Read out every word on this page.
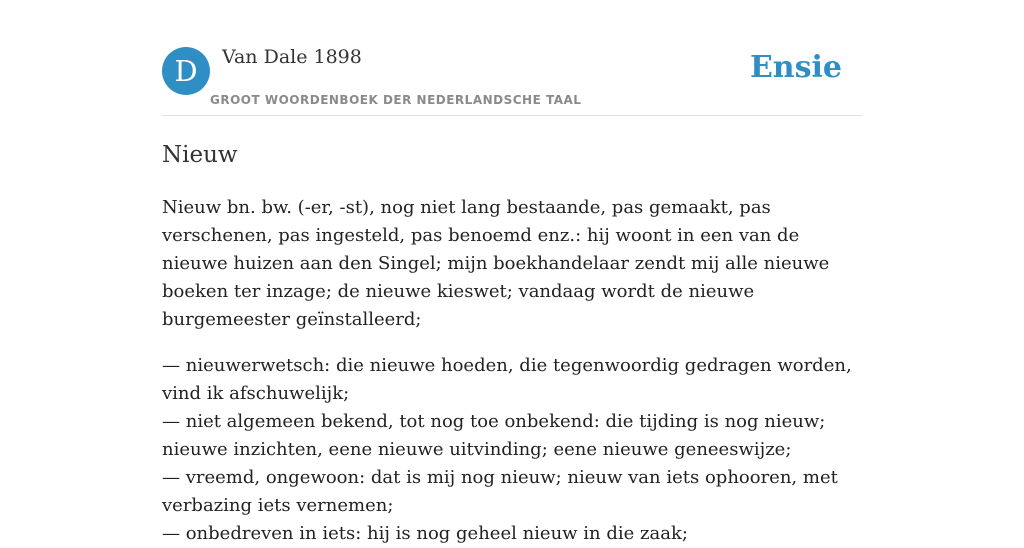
D	Van Dale 1898
GROOT WOORDENBOEK DER NEDERLANDSCHE TAAL
Ensie
Nieuw

Nieuw bn. bw. (-er, -st), nog niet lang bestaande, pas gemaakt, pas verschenen, pas ingesteld, pas benoemd enz.: hij woont in een van de nieuwe huizen aan den Singel; mijn boekhandelaar zendt mij alle nieuwe boeken ter inzage; de nieuwe kieswet; vandaag wordt de nieuwe burgemeester geïnstalleerd;

— nieuwerwetsch: die nieuwe hoeden, die tegenwoordig gedragen worden, vind ik afschuwelijk;
— niet algemeen bekend, tot nog toe onbekend: die tijding is nog nieuw; nieuwe inzichten, eene nieuwe uitvinding; eene nieuwe geneeswijze;
— vreemd, ongewoon: dat is mij nog nieuw; nieuw van iets ophooren, met verbazing iets vernemen;
— onbedreven in iets: hij is nog geheel nieuw in die zaak;
